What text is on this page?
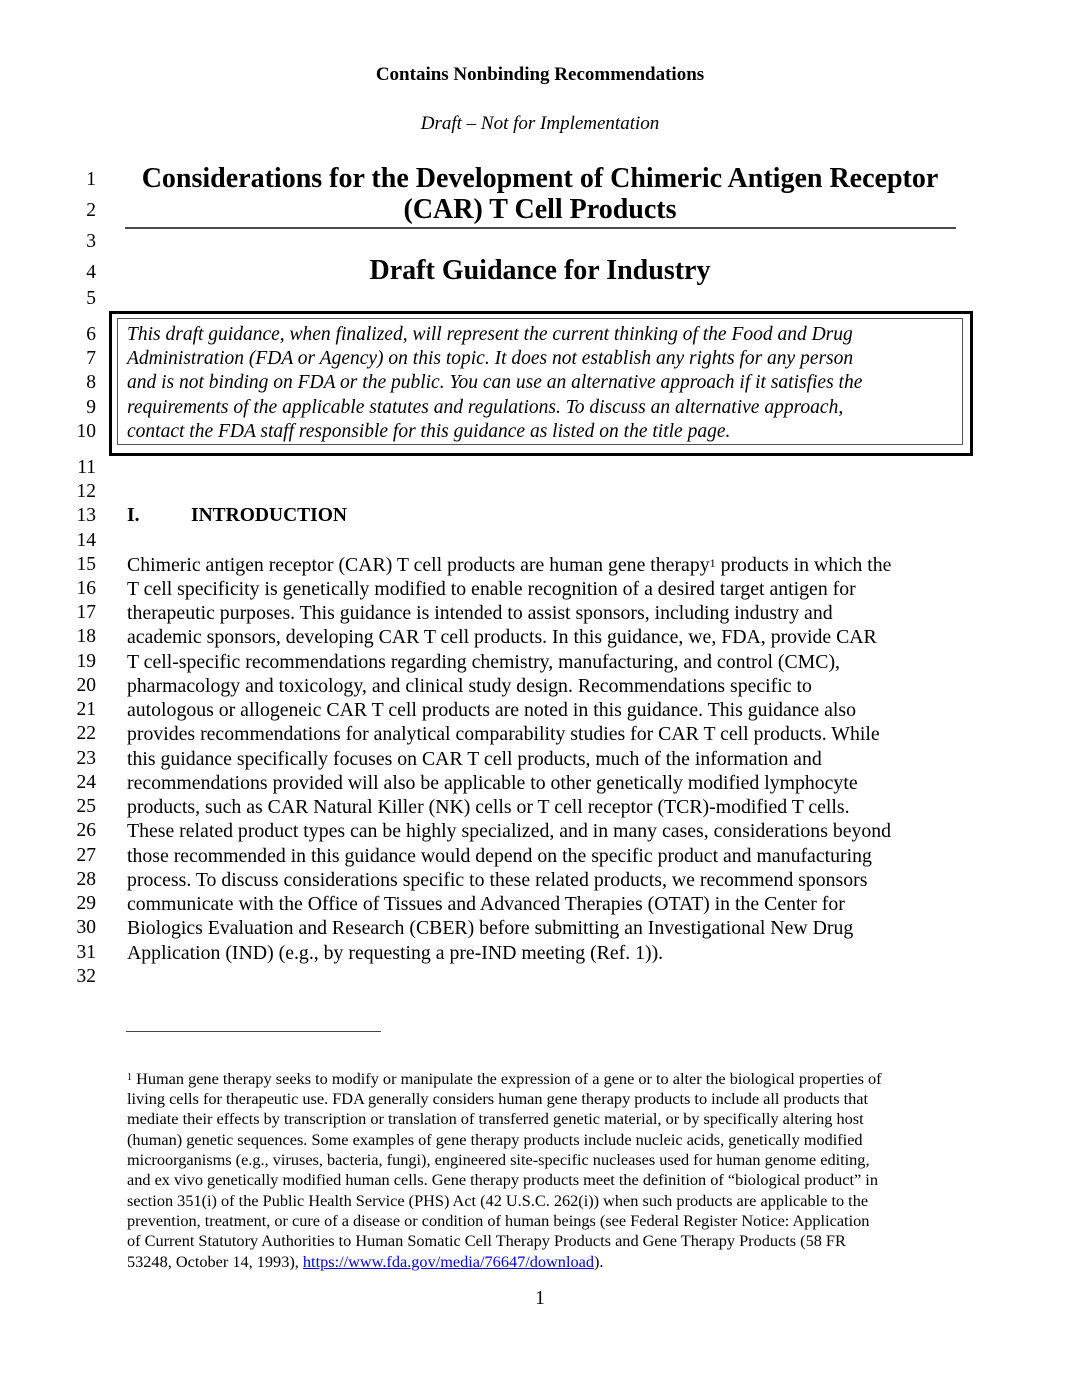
Contains Nonbinding Recommendations
Draft – Not for Implementation
1
2
3
4
5
6
7
8
9
10
11
12
13
14
15
16
17
18
19
20
21
22
23
24
25
26
27
28
29
30
31
32
Considerations for the Development of Chimeric Antigen Receptor
(CAR) T Cell Products
Draft Guidance for Industry
This draft guidance, when finalized, will represent the current thinking of the Food and Drug
Administration (FDA or Agency) on this topic. It does not establish any rights for any person
and is not binding on FDA or the public. You can use an alternative approach if it satisfies the
requirements of the applicable statutes and regulations. To discuss an alternative approach,
contact the FDA staff responsible for this guidance as listed on the title page.
I.	INTRODUCTION
Chimeric antigen receptor (CAR) T cell products are human gene therapy$^1$ products in which the
T cell specificity is genetically modified to enable recognition of a desired target antigen for
therapeutic purposes. This guidance is intended to assist sponsors, including industry and
academic sponsors, developing CAR T cell products. In this guidance, we, FDA, provide CAR
T cell-specific recommendations regarding chemistry, manufacturing, and control (CMC),
pharmacology and toxicology, and clinical study design. Recommendations specific to
autologous or allogeneic CAR T cell products are noted in this guidance. This guidance also
provides recommendations for analytical comparability studies for CAR T cell products. While
this guidance specifically focuses on CAR T cell products, much of the information and
recommendations provided will also be applicable to other genetically modified lymphocyte
products, such as CAR Natural Killer (NK) cells or T cell receptor (TCR)-modified T cells.
These related product types can be highly specialized, and in many cases, considerations beyond
those recommended in this guidance would depend on the specific product and manufacturing
process. To discuss considerations specific to these related products, we recommend sponsors
communicate with the Office of Tissues and Advanced Therapies (OTAT) in the Center for
Biologics Evaluation and Research (CBER) before submitting an Investigational New Drug
Application (IND) (e.g., by requesting a pre-IND meeting (Ref. 1)).
$^1$ Human gene therapy seeks to modify or manipulate the expression of a gene or to alter the biological properties of
living cells for therapeutic use. FDA generally considers human gene therapy products to include all products that
mediate their effects by transcription or translation of transferred genetic material, or by specifically altering host
(human) genetic sequences. Some examples of gene therapy products include nucleic acids, genetically modified
microorganisms (e.g., viruses, bacteria, fungi), engineered site-specific nucleases used for human genome editing,
and ex vivo genetically modified human cells. Gene therapy products meet the definition of “biological product” in
section 351(i) of the Public Health Service (PHS) Act (42 U.S.C. 262(i)) when such products are applicable to the
prevention, treatment, or cure of a disease or condition of human beings (see Federal Register Notice: Application
of Current Statutory Authorities to Human Somatic Cell Therapy Products and Gene Therapy Products (58 FR
53248, October 14, 1993), https://www.fda.gov/media/76647/download).
1
